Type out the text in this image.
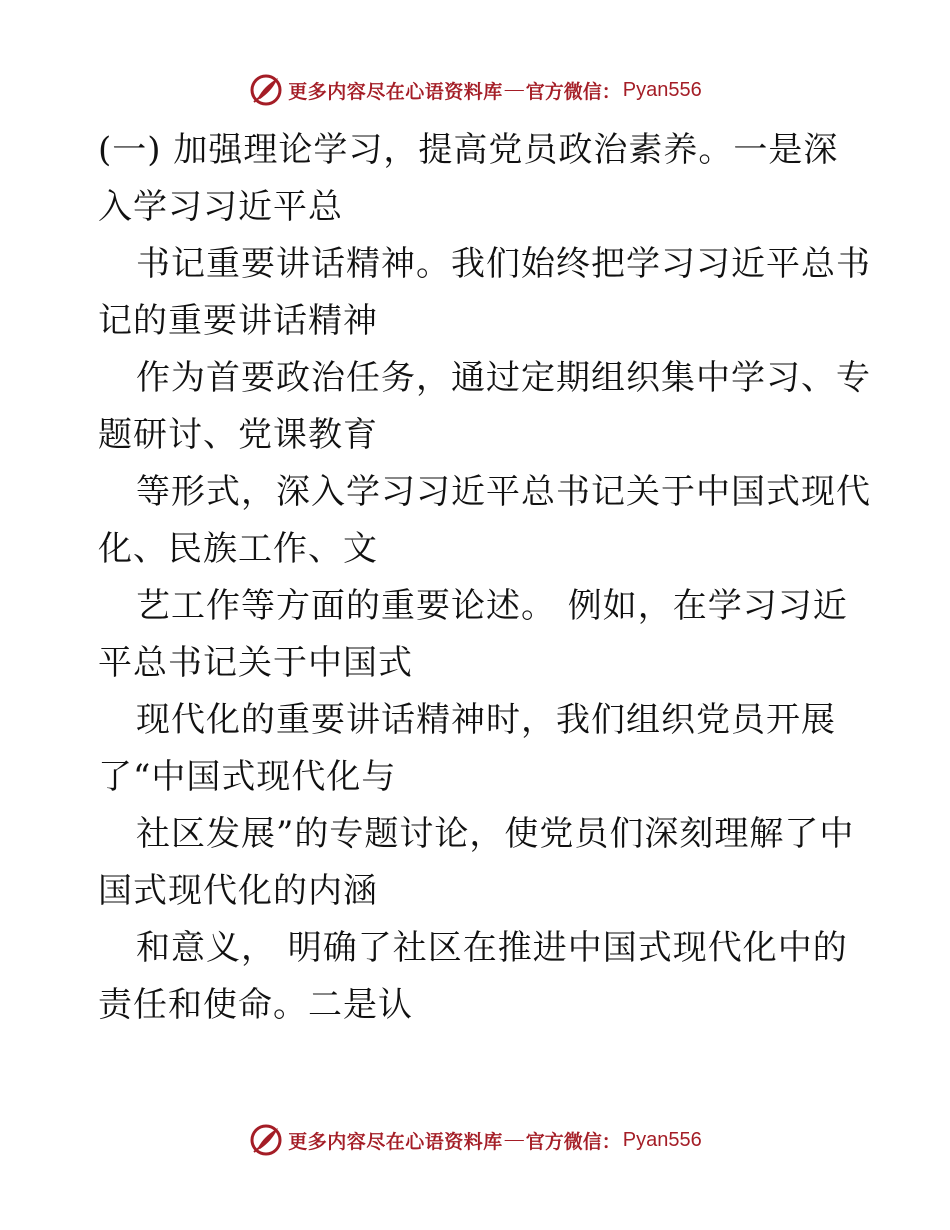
更多内容尽在心语资料库 — 官方微信： Pyan556
(一) 加强理论学习，提高党员政治素养。一是深
入学习习近平总
书记重要讲话精神。我们始终把学习习近平总书
记的重要讲话精神
作为首要政治任务，通过定期组织集中学习、专
题研讨、党课教育
等形式，深入学习习近平总书记关于中国式现代
化、民族工作、文
艺工作等方面的重要论述。 例如，在学习习近
平总书记关于中国式
现代化的重要讲话精神时，我们组织党员开展
了“中国式现代化与
社区发展”的专题讨论，使党员们深刻理解了中
国式现代化的内涵
和意义， 明确了社区在推进中国式现代化中的
责任和使命。二是认
更多内容尽在心语资料库 — 官方微信： Pyan556
